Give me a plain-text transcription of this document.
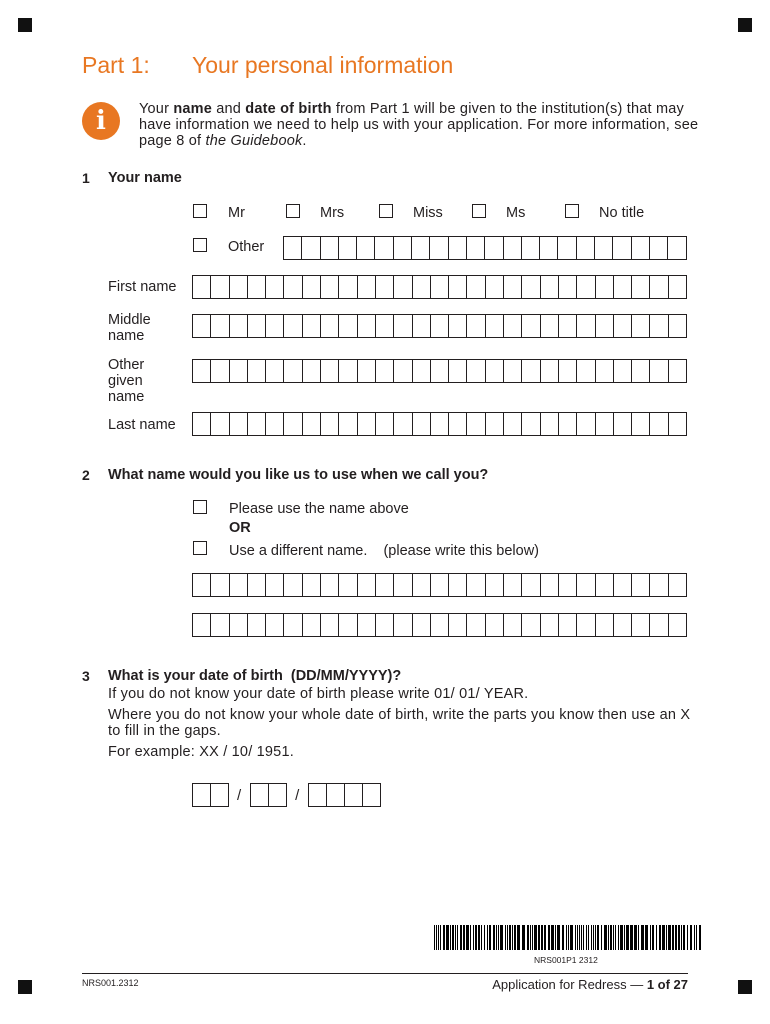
Part 1: Your personal information
i	Your name and date of birth from Part 1 will be given to the institution(s) that may have information we need to help us with your application. For more information, see page 8 of the Guidebook.
1 Your name
Mr	Mrs	Miss	Ms	No title
Other
First name
Middle name
Other given name
Last name
2 What name would you like us to use when we call you?
Please use the name above
OR
Use a different name.    (please write this below)
3 What is your date of birth  (DD/MM/YYYY)?
If you do not know your date of birth please write 01/ 01/ YEAR.
Where you do not know your whole date of birth, write the parts you know then use an X to fill in the gaps.
For example: XX / 10/ 1951.
/	/
NRS001P1 2312
NRS001.2312	Application for Redress — 1 of 27
